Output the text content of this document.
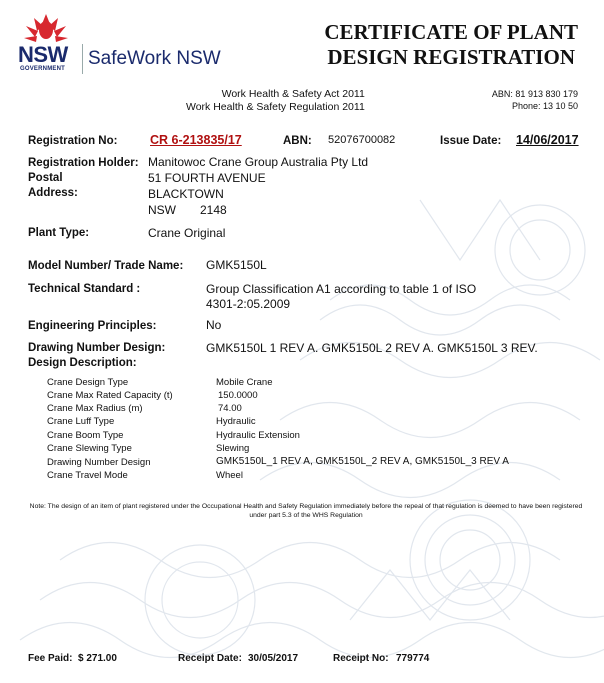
NSW
GOVERNMENT SafeWork NSW
CERTIFICATE OF PLANT
DESIGN REGISTRATION
Work Health & Safety Act 2011
Work Health & Safety Regulation 2011
ABN: 81 913 830 179
Phone: 13 10 50
Registration No:	CR 6-213835/17	ABN: 52076700082	Issue Date: 14/06/2017
Registration Holder: Manitowoc Crane Group Australia Pty Ltd
Postal
Address:
51 FOURTH AVENUE
BLACKTOWN
NSW 2148
Plant Type:	Crane Original
Model Number/ Trade Name: GMK5150L
Technical Standard :	Group Classification A1 according to table 1 of ISO
4301-2:05.2009
Engineering Principles:	No
Drawing Number Design:	GMK5150L 1 REV A. GMK5150L 2 REV A. GMK5150L 3 REV.
Design Description:
Crane Design Type	Mobile Crane
Crane Max Rated Capacity (t)	150.0000
Crane Max Radius (m)	74.00
Crane Luff Type	Hydraulic
Crane Boom Type	Hydraulic Extension
Crane Slewing Type	Slewing
Drawing Number Design	GMK5150L_1 REV A, GMK5150L_2 REV A, GMK5150L_3 REV A
Crane Travel Mode	Wheel
Note: The design of an item of plant registered under the Occupational Health and Safety Regulation immediately before the repeal of that regulation is deemed to have been registered under part 5.3 of the WHS Regulation
Fee Paid: $ 271.00	Receipt Date: 30/05/2017	Receipt No: 779774
